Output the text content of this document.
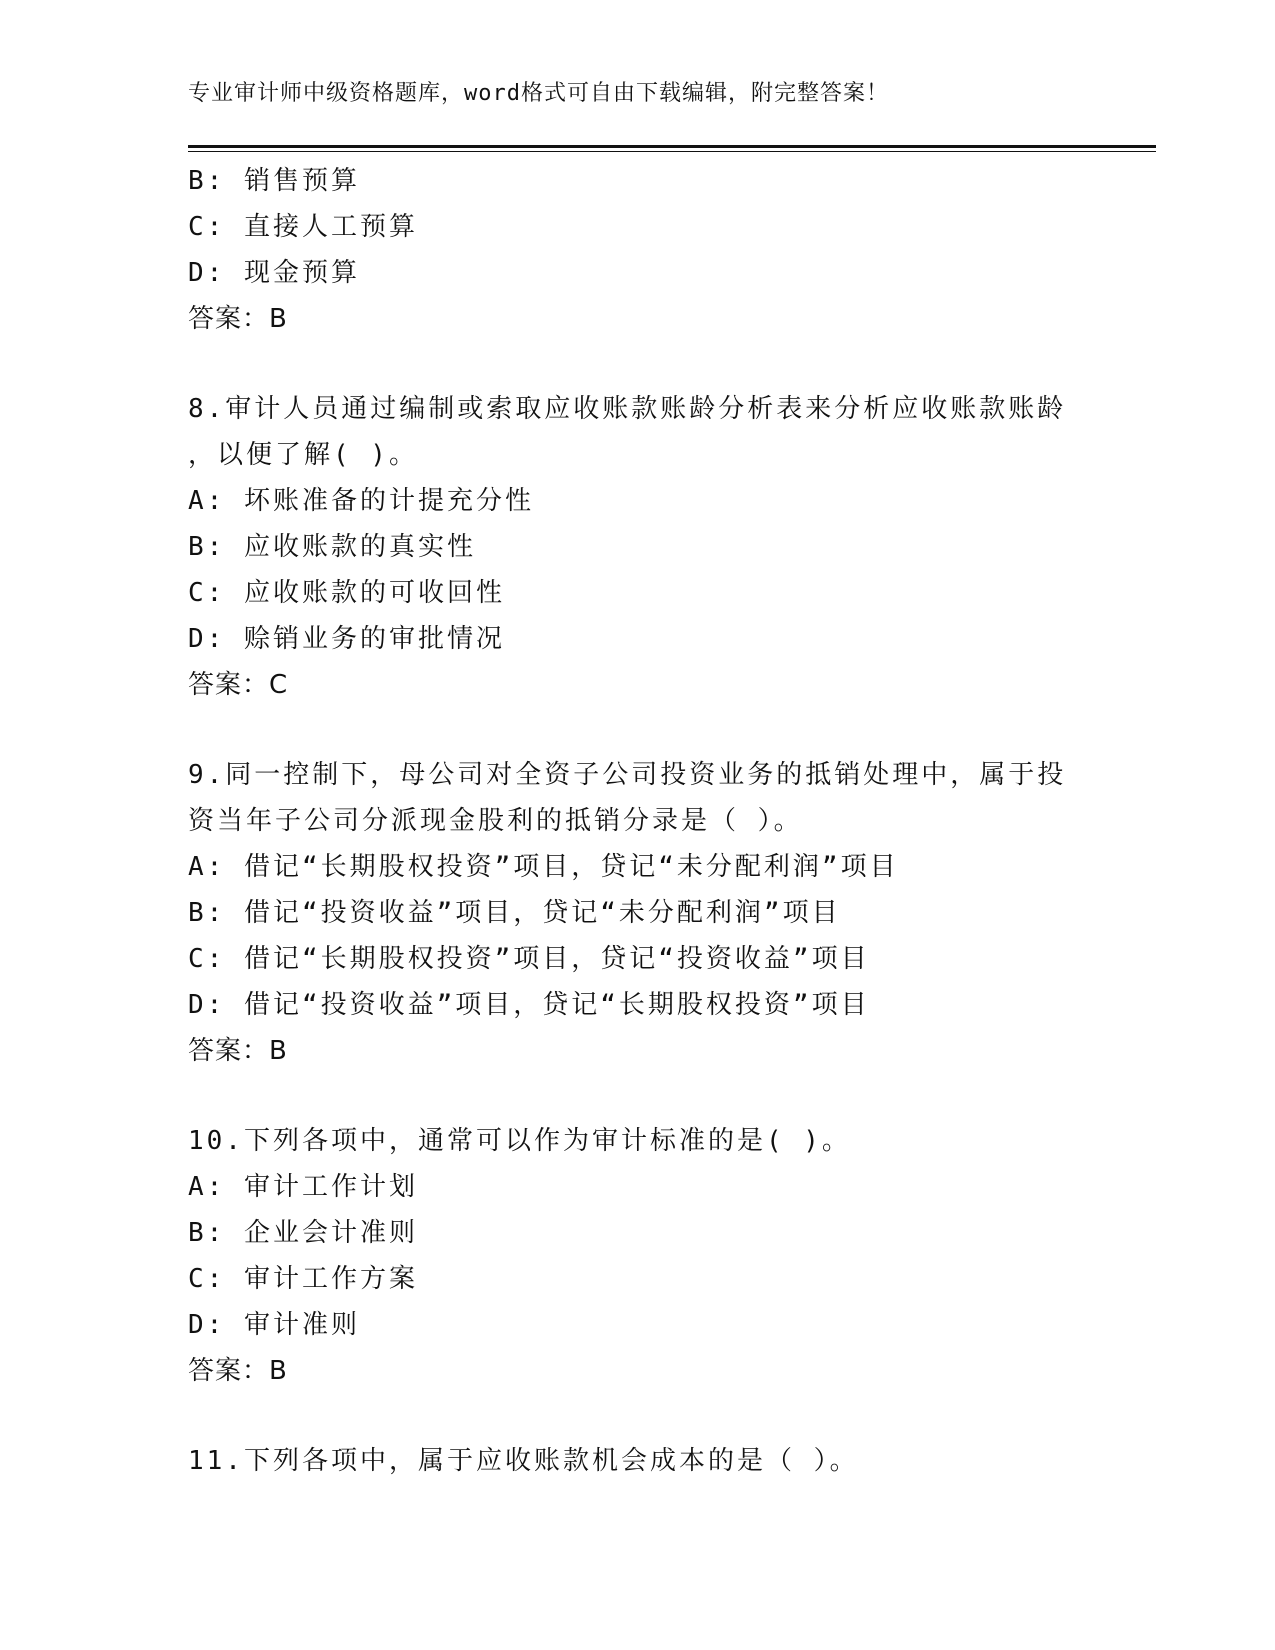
专业审计师中级资格题库，word格式可自由下载编辑，附完整答案！
B: 销售预算
C: 直接人工预算
D: 现金预算
答案：B
8.审计人员通过编制或索取应收账款账龄分析表来分析应收账款账龄
，以便了解( )。
A: 坏账准备的计提充分性
B: 应收账款的真实性
C: 应收账款的可收回性
D: 赊销业务的审批情况
答案：C
9.同一控制下，母公司对全资子公司投资业务的抵销处理中，属于投
资当年子公司分派现金股利的抵销分录是（ ）。
A: 借记“长期股权投资”项目，贷记“未分配利润”项目
B: 借记“投资收益”项目，贷记“未分配利润”项目
C: 借记“长期股权投资”项目，贷记“投资收益”项目
D: 借记“投资收益”项目，贷记“长期股权投资”项目
答案：B
10.下列各项中，通常可以作为审计标准的是( )。
A: 审计工作计划
B: 企业会计准则
C: 审计工作方案
D: 审计准则
答案：B
11.下列各项中，属于应收账款机会成本的是（ ）。
